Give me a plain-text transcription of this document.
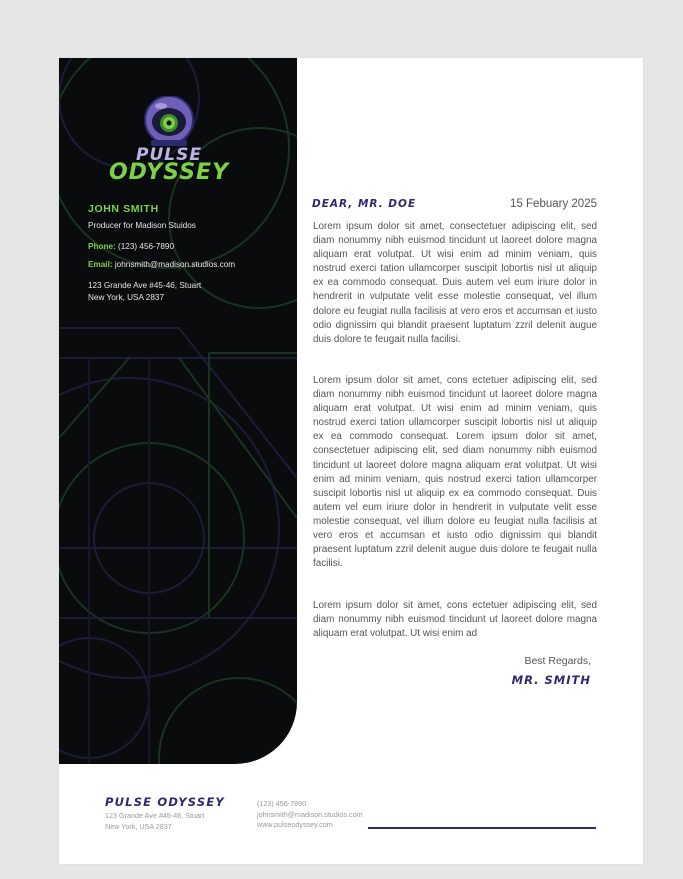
PULSE
ODYSSEY
JOHN SMITH
Producer for Madison Stuidos
Phone: (123) 456-7890
Email: johnsmith@madison.studios.com
123 Grande Ave #45-46, Stuart
New York, USA 2837
DEAR, MR. DOE	15 Febuary 2025

Lorem ipsum dolor sit amet, consectetuer adipiscing elit, sed diam nonummy nibh euismod tincidunt ut laoreet dolore magna aliquam erat volutpat. Ut wisi enim ad minim veniam, quis nostrud exerci tation ullamcorper suscipit lobortis nisl ut aliquip ex ea commodo consequat. Duis autem vel eum iriure dolor in hendrerit in vulputate velit esse molestie consequat, vel illum dolore eu feugiat nulla facilisis at vero eros et accumsan et iusto odio dignissim qui blandit praesent luptatum zzril delenit augue duis dolore te feugait nulla facilisi.

Lorem ipsum dolor sit amet, cons ectetuer adipiscing elit, sed diam nonummy nibh euismod tincidunt ut laoreet dolore magna aliquam erat volutpat. Ut wisi enim ad minim veniam, quis nostrud exerci tation ullamcorper suscipit lobortis nisl ut aliquip ex ea commodo consequat. Lorem ipsum dolor sit amet, consectetuer adipiscing elit, sed diam nonummy nibh euismod tincidunt ut laoreet dolore magna aliquam erat volutpat. Ut wisi enim ad minim veniam, quis nostrud exerci tation ullamcorper suscipit lobortis nisl ut aliquip ex ea commodo consequat. Duis autem vel eum iriure dolor in hendrerit in vulputate velit esse molestie consequat, vel illum dolore eu feugiat nulla facilisis at vero eros et accumsan et iusto odio dignissim qui blandit praesent luptatum zzril delenit augue duis dolore te feugait nulla facilisi.

Lorem ipsum dolor sit amet, cons ectetuer adipiscing elit, sed diam nonummy nibh euismod tincidunt ut laoreet dolore magna aliquam erat volutpat. Ut wisi enim ad

Best Regards,
MR. SMITH
PULSE ODYSSEY
123 Grande Ave #45-46, Stuart
New York, USA 2837
(123) 456-7890
johnsmith@madison.studios.com
www.pulseodyssey.com
